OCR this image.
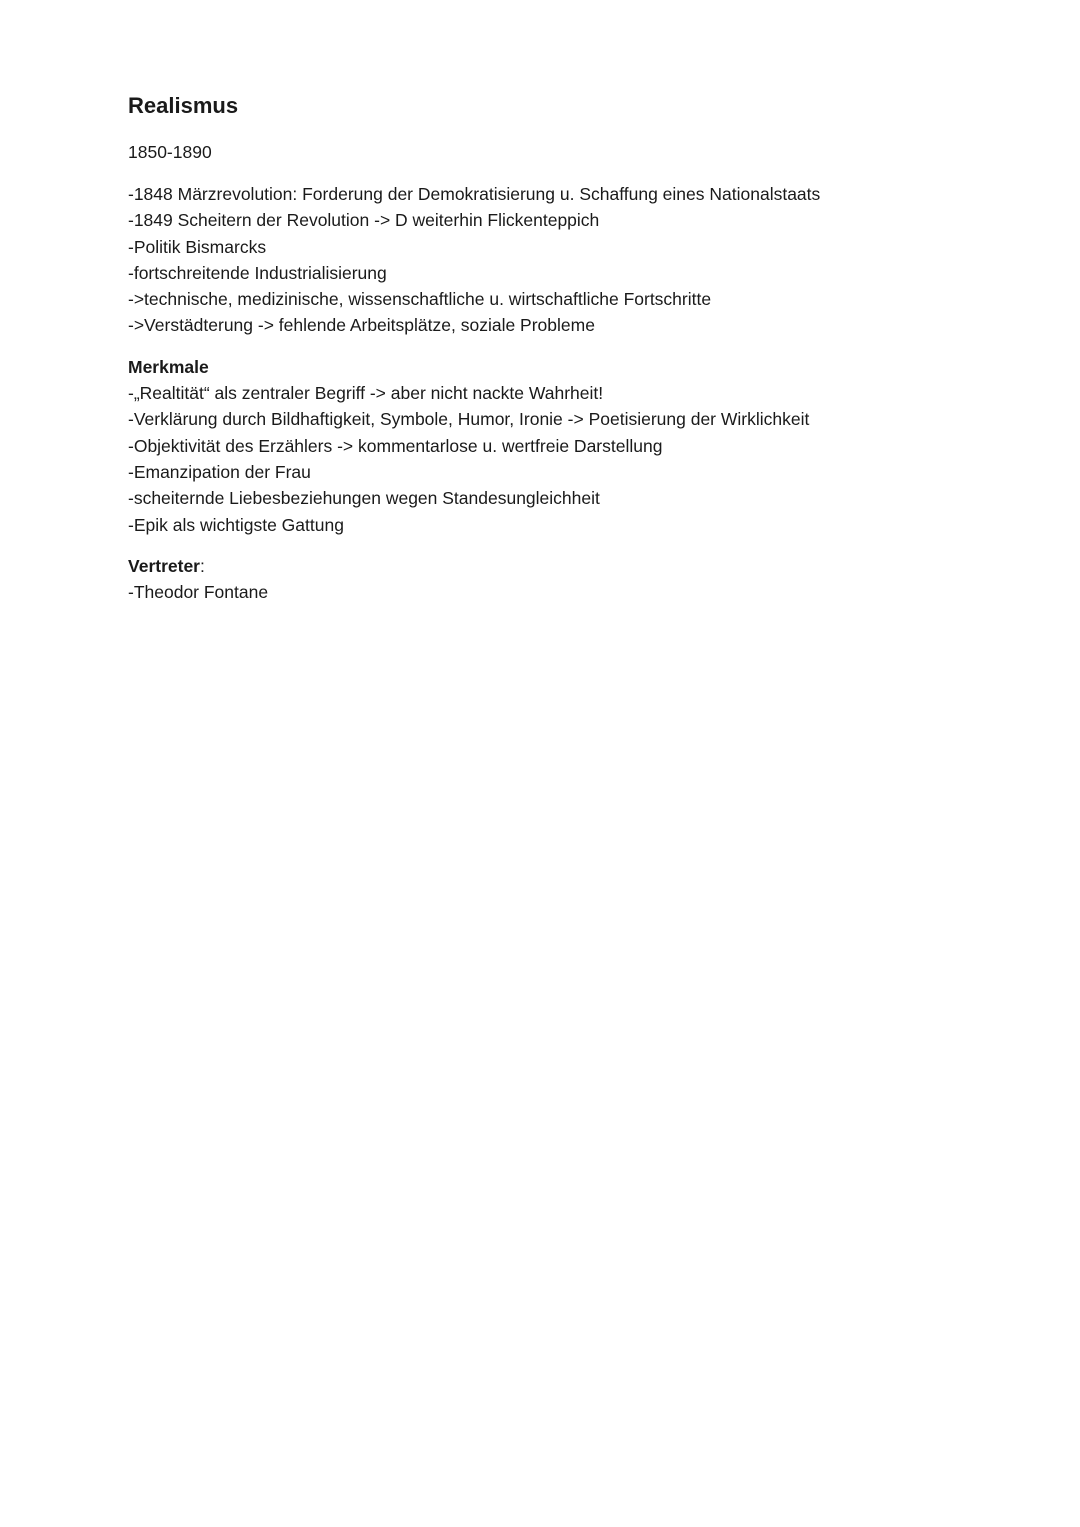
Realismus
1850-1890
-1848 Märzrevolution: Forderung der Demokratisierung u. Schaffung eines Nationalstaats
-1849 Scheitern der Revolution -> D weiterhin Flickenteppich
-Politik Bismarcks
-fortschreitende Industrialisierung
->technische, medizinische, wissenschaftliche u. wirtschaftliche Fortschritte
->Verstädterung -> fehlende Arbeitsplätze, soziale Probleme
Merkmale
-„Realtität“ als zentraler Begriff -> aber nicht nackte Wahrheit!
-Verklärung durch Bildhaftigkeit, Symbole, Humor, Ironie -> Poetisierung der Wirklichkeit
-Objektivität des Erzählers -> kommentarlose u. wertfreie Darstellung
-Emanzipation der Frau
-scheiternde Liebesbeziehungen wegen Standesungleichheit
-Epik als wichtigste Gattung
Vertreter:
-Theodor Fontane
